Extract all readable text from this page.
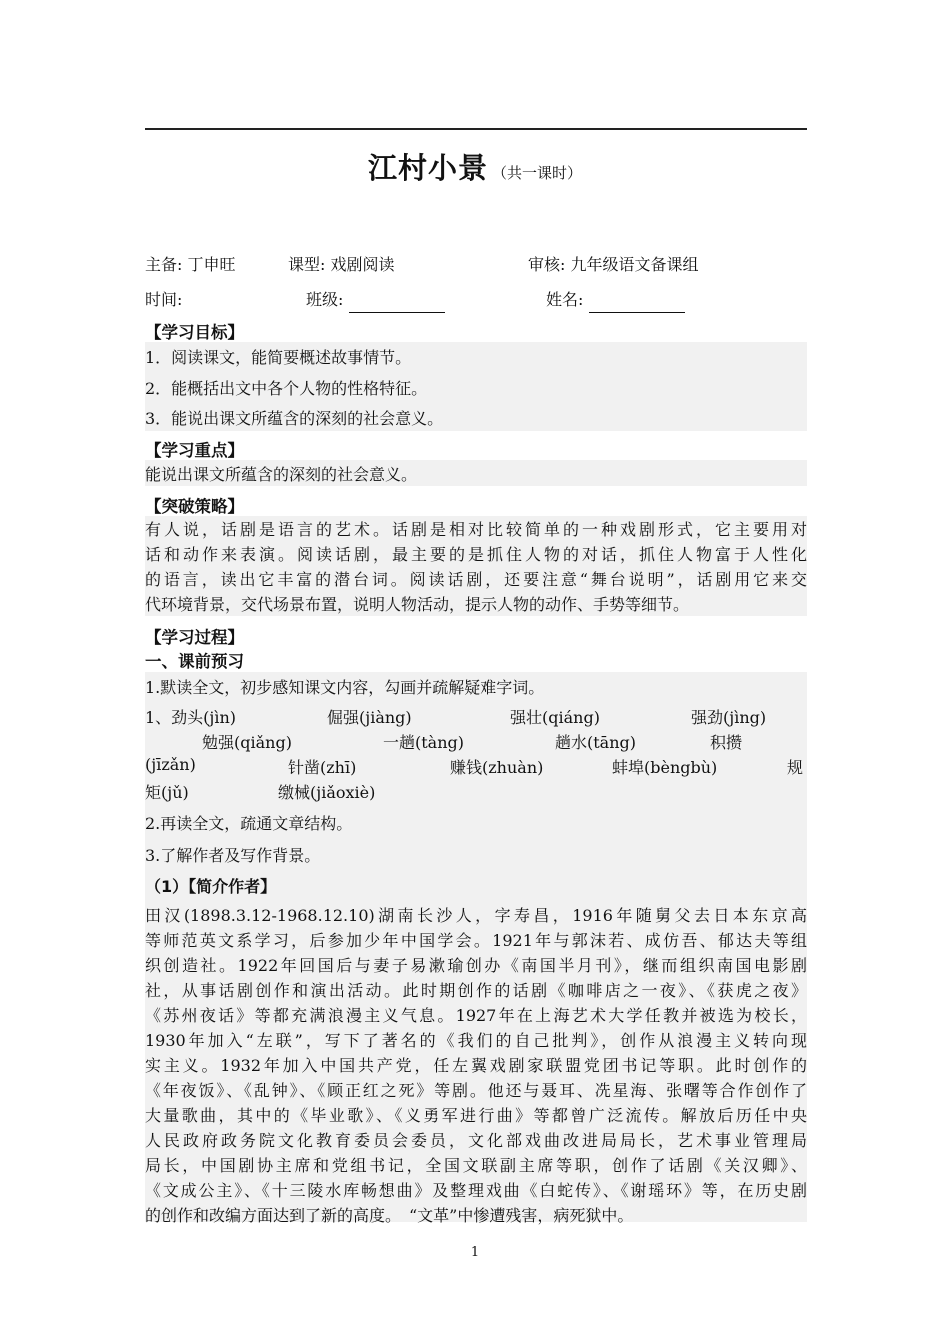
江村小景 （共一课时）
主备: 丁申旺	课型: 戏剧阅读	审核: 九年级语文备课组
时间:	班级:	姓名:
【学习目标】
1．阅读课文，能简要概述故事情节。
2．能概括出文中各个人物的性格特征。
3．能说出课文所蕴含的深刻的社会意义。
【学习重点】
能说出课文所蕴含的深刻的社会意义。
【突破策略】
有人说，话剧是语言的艺术。话剧是相对比较简单的一种戏剧形式，它主要用对
话和动作来表演。阅读话剧，最主要的是抓住人物的对话，抓住人物富于人性化
的语言，读出它丰富的潜台词。阅读话剧，还要注意“舞台说明”，话剧用它来交
代环境背景，交代场景布置，说明人物活动，提示人物的动作、手势等细节。
【学习过程】
一、课前预习
1.默读全文，初步感知课文内容，勾画并疏解疑难字词。
1、劲头(jìn)	倔强(jiàng)	强壮(qiáng)	强劲(jìng)
勉强(qiǎng)	一趟(tàng)	趟水(tāng)	积攒
(jīzǎn)	针凿(zhī)	赚钱(zhuàn)	蚌埠(bèngbù)	规
矩(jǔ)	缴械(jiǎoxiè)
2.再读全文，疏通文章结构。
3.了解作者及写作背景。
（1）【简介作者】
田汉(1898.3.12-1968.12.10)湖南长沙人，字寿昌，1916年随舅父去日本东京高
等师范英文系学习，后参加少年中国学会。1921年与郭沫若、成仿吾、郁达夫等组
织创造社。1922年回国后与妻子易漱瑜创办《南国半月刊》，继而组织南国电影剧
社，从事话剧创作和演出活动。此时期创作的话剧《咖啡店之一夜》、《获虎之夜》
《苏州夜话》等都充满浪漫主义气息。1927年在上海艺术大学任教并被选为校长，
1930年加入“左联”，写下了著名的《我们的自己批判》，创作从浪漫主义转向现
实主义。1932年加入中国共产党，任左翼戏剧家联盟党团书记等职。此时创作的
《年夜饭》、《乱钟》、《顾正红之死》等剧。他还与聂耳、冼星海、张曙等合作创作了
大量歌曲，其中的《毕业歌》、《义勇军进行曲》等都曾广泛流传。解放后历任中央
人民政府政务院文化教育委员会委员，文化部戏曲改进局局长，艺术事业管理局
局长，中国剧协主席和党组书记，全国文联副主席等职，创作了话剧《关汉卿》、
《文成公主》、《十三陵水库畅想曲》及整理戏曲《白蛇传》、《谢瑶环》等，在历史剧
的创作和改编方面达到了新的高度。　“文革”中惨遭残害，病死狱中。
1
